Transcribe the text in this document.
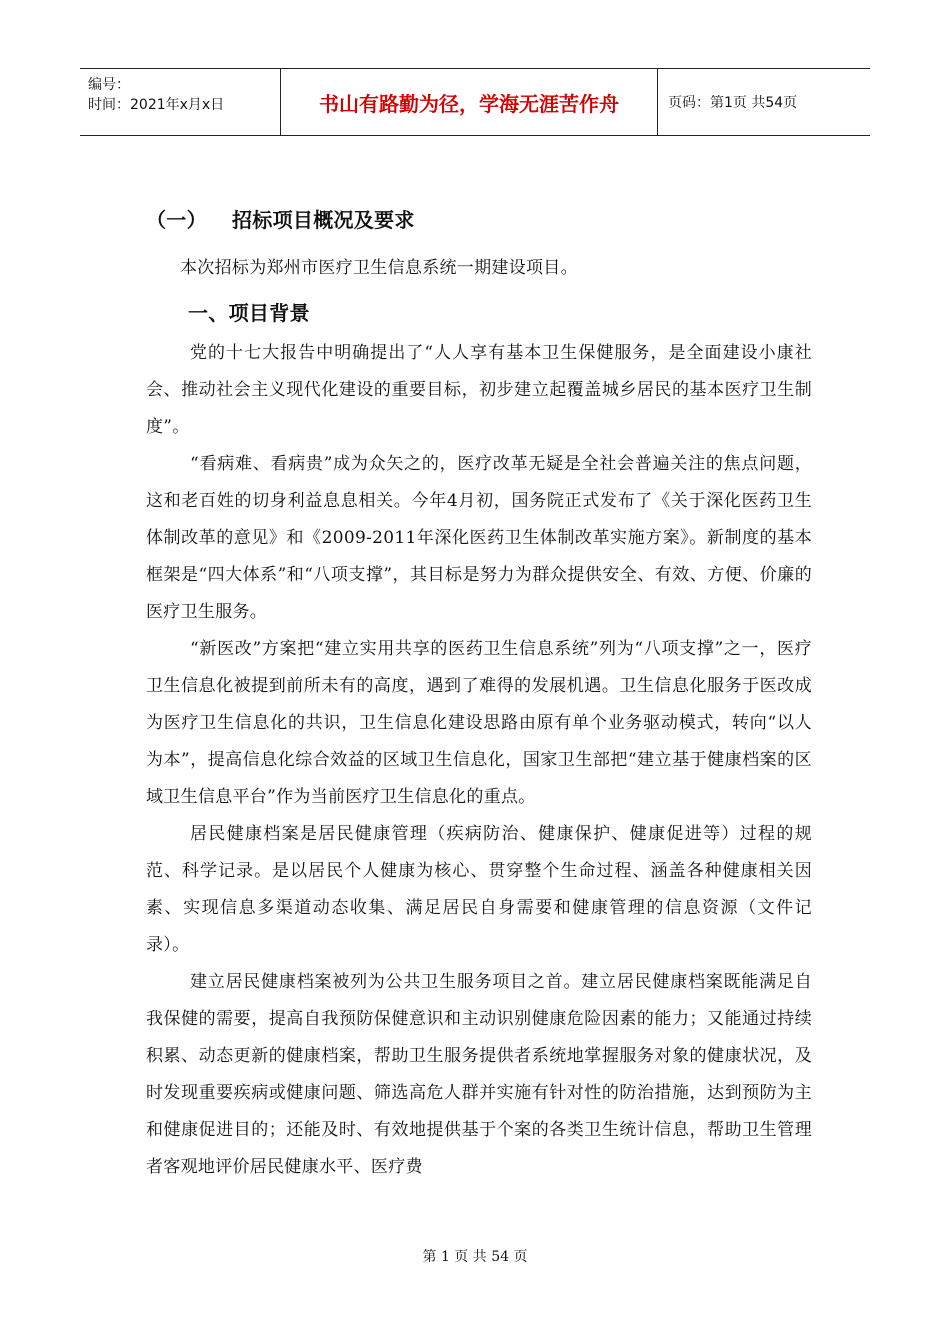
编号：
时间：2021年x月x日	书山有路勤为径，学海无涯苦作舟	页码：第1页 共54页
（一） 招标项目概况及要求

本次招标为郑州市医疗卫生信息系统一期建设项目。

一、项目背景

党的十七大报告中明确提出了“人人享有基本卫生保健服务，是全面建设小康社会、推动社会主义现代化建设的重要目标，初步建立起覆盖城乡居民的基本医疗卫生制度”。

“看病难、看病贵”成为众矢之的，医疗改革无疑是全社会普遍关注的焦点问题，这和老百姓的切身利益息息相关。今年4月初，国务院正式发布了《关于深化医药卫生体制改革的意见》和《2009-2011年深化医药卫生体制改革实施方案》。新制度的基本框架是“四大体系”和“八项支撑”，其目标是努力为群众提供安全、有效、方便、价廉的医疗卫生服务。

“新医改”方案把“建立实用共享的医药卫生信息系统”列为“八项支撑”之一，医疗卫生信息化被提到前所未有的高度，遇到了难得的发展机遇。卫生信息化服务于医改成为医疗卫生信息化的共识，卫生信息化建设思路由原有单个业务驱动模式，转向“以人为本”，提高信息化综合效益的区域卫生信息化，国家卫生部把“建立基于健康档案的区域卫生信息平台”作为当前医疗卫生信息化的重点。

居民健康档案是居民健康管理（疾病防治、健康保护、健康促进等）过程的规范、科学记录。是以居民个人健康为核心、贯穿整个生命过程、涵盖各种健康相关因素、实现信息多渠道动态收集、满足居民自身需要和健康管理的信息资源（文件记录）。

建立居民健康档案被列为公共卫生服务项目之首。建立居民健康档案既能满足自我保健的需要，提高自我预防保健意识和主动识别健康危险因素的能力；又能通过持续积累、动态更新的健康档案，帮助卫生服务提供者系统地掌握服务对象的健康状况，及时发现重要疾病或健康问题、筛选高危人群并实施有针对性的防治措施，达到预防为主和健康促进目的；还能及时、有效地提供基于个案的各类卫生统计信息，帮助卫生管理者客观地评价居民健康水平、医疗费

第 1 页 共 54 页
